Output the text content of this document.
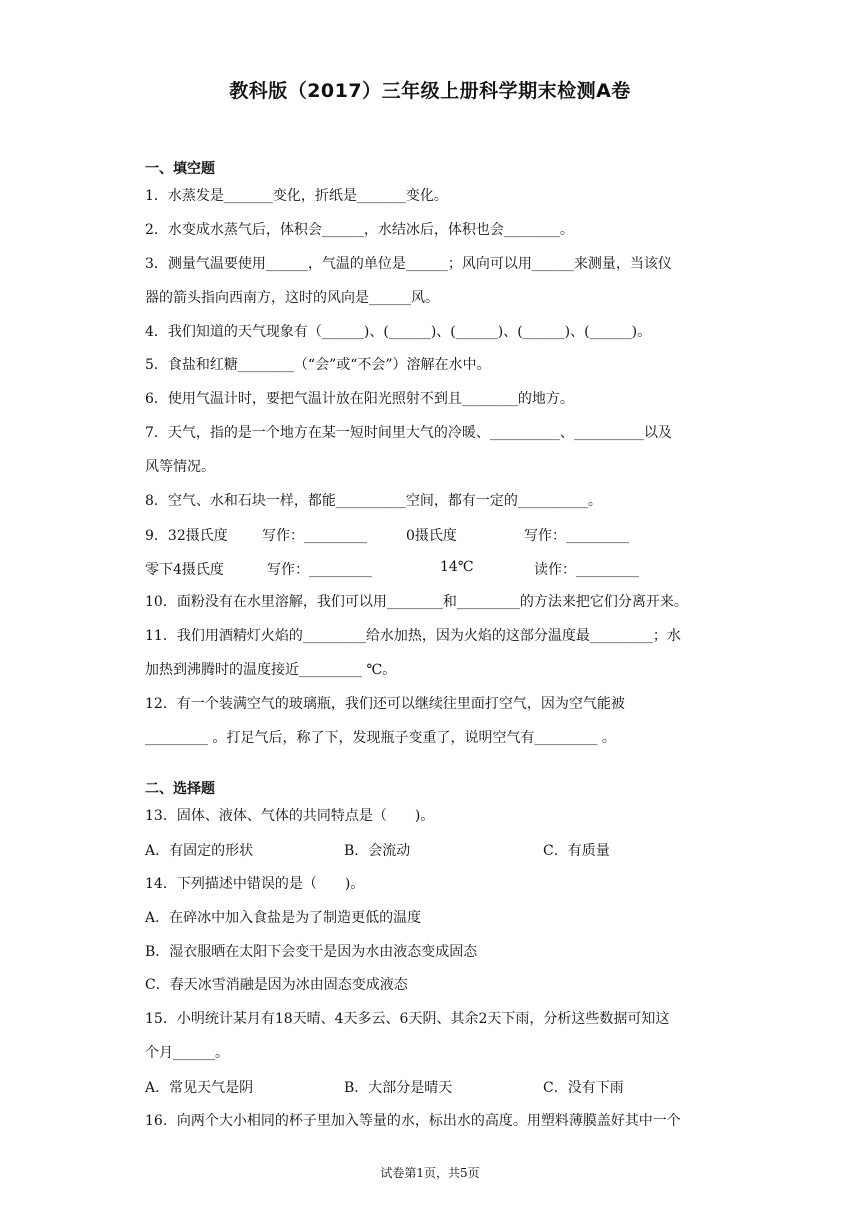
教科版（2017）三年级上册科学期末检测A卷
一、填空题
1．水蒸发是_______变化，折纸是_______变化。
2．水变成水蒸气后，体积会______，水结冰后，体积也会________。
3．测量气温要使用______，气温的单位是______；风向可以用______来测量，当该仪
器的箭头指向西南方，这时的风向是______风。
4．我们知道的天气现象有（______)、(______)、(______)、(______)、(______)。
5．食盐和红糖________（“会”或“不会”）溶解在水中。
6．使用气温计时，要把气温计放在阳光照射不到且________的地方。
7．天气，指的是一个地方在某一短时间里大气的冷暖、__________、__________以及
风等情况。
8．空气、水和石块一样，都能__________空间，都有一定的__________。
9．32摄氏度 写作：_________	0摄氏度	写作：_________
零下4摄氏度	写作：_________	14℃	读作：_________
10．面粉没有在水里溶解，我们可以用________和_________的方法来把它们分离开来。
11．我们用酒精灯火焰的_________给水加热，因为火焰的这部分温度最_________；水
加热到沸腾时的温度接近_________ ℃。
12．有一个装满空气的玻璃瓶，我们还可以继续往里面打空气，因为空气能被
_________ 。打足气后，称了下，发现瓶子变重了，说明空气有_________ 。
二、选择题
13．固体、液体、气体的共同特点是（　　)。
A．有固定的形状	B．会流动	C．有质量
14．下列描述中错误的是（　　)。
A．在碎冰中加入食盐是为了制造更低的温度
B．湿衣服晒在太阳下会变干是因为水由液态变成固态
C．春天冰雪消融是因为冰由固态变成液态
15．小明统计某月有18天晴、4天多云、6天阴、其余2天下雨，分析这些数据可知这
个月______。
A．常见天气是阴	B．大部分是晴天	C．没有下雨
16．向两个大小相同的杯子里加入等量的水，标出水的高度。用塑料薄膜盖好其中一个
试卷第1页，共5页
